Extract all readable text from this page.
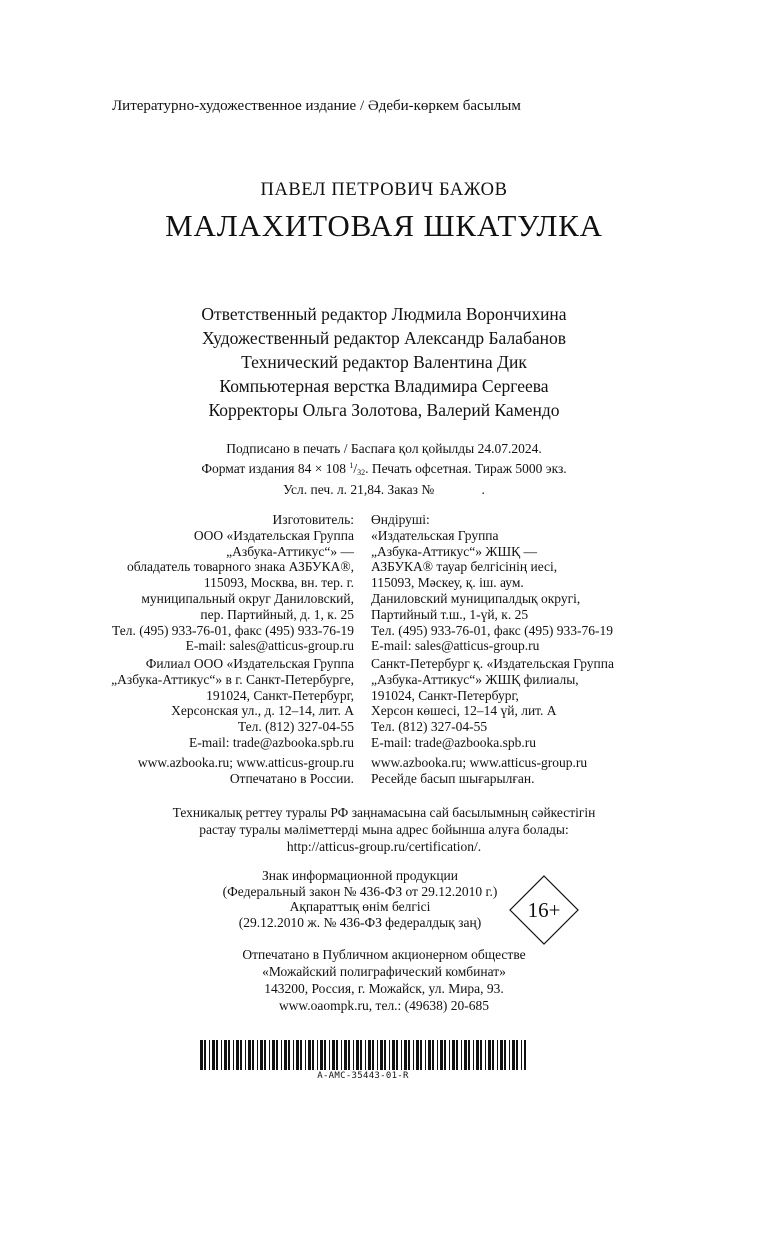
Литературно-художественное издание / Әдеби-көркем басылым
ПАВЕЛ ПЕТРОВИЧ БАЖОВ
МАЛАХИТОВАЯ ШКАТУЛКА
Ответственный редактор Людмила Ворончихина
Художественный редактор Александр Балабанов
Технический редактор Валентина Дик
Компьютерная верстка Владимира Сергеева
Корректоры Ольга Золотова, Валерий Камендо
Подписано в печать / Баспаға қол қойылды 24.07.2024.
Формат издания 84 × 108 $^1/_{32}$. Печать офсетная. Тираж 5000 экз.
Усл. печ. л. 21,84. Заказ №              .
Изготовитель:
ООО «Издательская Группа
„Азбука-Аттикус“» —
обладатель товарного знака АЗБУКА®,
115093, Москва, вн. тер. г.
муниципальный округ Даниловский,
пер. Партийный, д. 1, к. 25
Тел. (495) 933-76-01, факс (495) 933-76-19
E-mail: sales@atticus-group.ru
Өндіруші:
«Издательская Группа
„Азбука-Аттикус“» ЖШҚ —
АЗБУКА® тауар белгісінің иесі,
115093, Мәскеу, қ. іш. аум.
Даниловский муниципалдық округі,
Партийный т.ш., 1-үй, к. 25
Тел. (495) 933-76-01, факс (495) 933-76-19
E-mail: sales@atticus-group.ru
Филиал ООО «Издательская Группа
„Азбука-Аттикус“» в г. Санкт-Петербурге,
191024, Санкт-Петербург,
Херсонская ул., д. 12–14, лит. А
Тел. (812) 327-04-55
E-mail: trade@azbooka.spb.ru
Санкт-Петербург қ. «Издательская Группа
„Азбука-Аттикус“» ЖШҚ филиалы,
191024, Санкт-Петербург,
Херсон көшесі, 12–14 үй, лит. А
Тел. (812) 327-04-55
E-mail: trade@azbooka.spb.ru
www.azbooka.ru; www.atticus-group.ru
Отпечатано в России.
www.azbooka.ru; www.atticus-group.ru
Ресейде басып шығарылған.
Техникалық реттеу туралы РФ заңнамасына сай басылымның сәйкестігін
растау туралы мәліметтерді мына адрес бойынша алуға болады:
http://atticus-group.ru/certification/.
Знак информационной продукции
(Федеральный закон № 436-ФЗ от 29.12.2010 г.)
Ақпараттық өнім белгісі
(29.12.2010 ж. № 436-ФЗ федералдық заң)	16+
Отпечатано в Публичном акционерном обществе
«Можайский полиграфический комбинат»
143200, Россия, г. Можайск, ул. Мира, 93.
www.oaompk.ru, тел.: (49638) 20-685
A-AMC-35443-01-R
